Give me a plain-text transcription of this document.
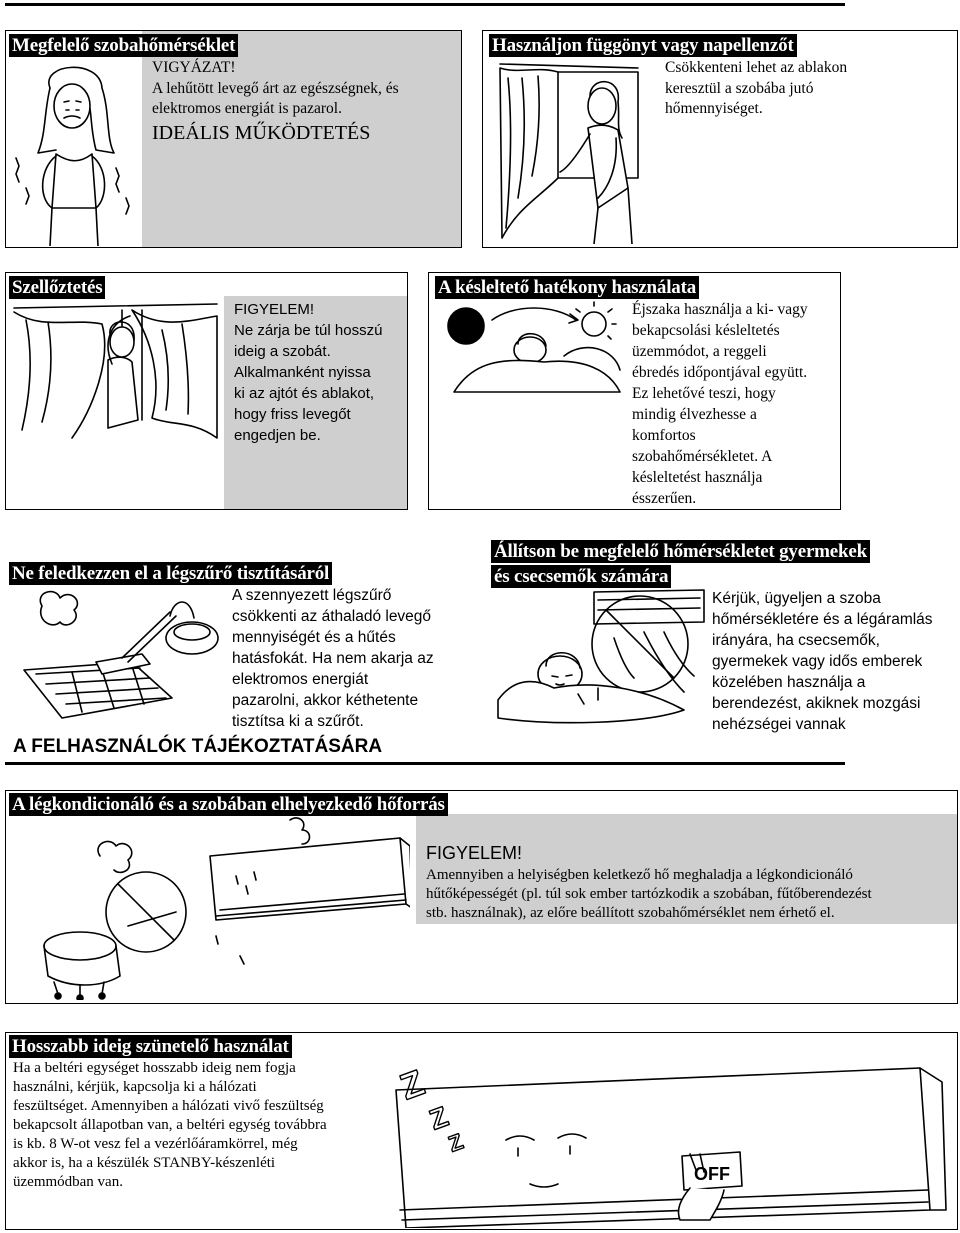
Megfelelő szobahőmérséklet
VIGYÁZAT!
A lehűtött levegő árt az egészségnek, és
elektromos energiát is pazarol.
IDEÁLIS MŰKÖDTETÉS
Használjon függönyt vagy napellenzőt
Csökkenteni lehet az ablakon
keresztül a szobába jutó
hőmennyiséget.
Szellőztetés
FIGYELEM!
Ne zárja be túl hosszú
ideig a szobát.
Alkalmanként nyissa
ki az ajtót és ablakot,
hogy friss levegőt
engedjen be.
A késleltető hatékony használata
Éjszaka használja a ki- vagy
bekapcsolási késleltetés
üzemmódot, a reggeli
ébredés időpontjával együtt.
Ez lehetővé teszi, hogy
mindig élvezhesse a
komfortos
szobahőmérsékletet. A
késleltetést használja
ésszerűen.
Ne feledkezzen el a légszűrő tisztításáról
A szennyezett légszűrő
csökkenti az áthaladó levegő
mennyiségét és a hűtés
hatásfokát. Ha nem akarja az
elektromos energiát
pazarolni, akkor kéthetente
tisztítsa ki a szűrőt.
Állítson be megfelelő hőmérsékletet gyermekek
és csecsemők számára
Kérjük, ügyeljen a szoba
hőmérsékletére és a légáramlás
irányára, ha csecsemők,
gyermekek vagy idős emberek
közelében használja a
berendezést, akiknek mozgási
nehézségei vannak
A FELHASZNÁLÓK TÁJÉKOZTATÁSÁRA
A légkondicionáló és a szobában elhelyezkedő hőforrás
FIGYELEM!
Amennyiben a helyiségben keletkező hő meghaladja a légkondicionáló
hűtőképességét (pl. túl sok ember tartózkodik a szobában, fűtőberendezést
stb. használnak), az előre beállított szobahőmérséklet nem érhető el.
Hosszabb ideig szünetelő használat
Ha a beltéri egységet hosszabb ideig nem fogja
használni, kérjük, kapcsolja ki a hálózati
feszültséget. Amennyiben a hálózati vivő feszültség
bekapcsolt állapotban van, a beltéri egység továbbra
is kb. 8 W-ot vesz fel a vezérlőáramkörrel, még
akkor is, ha a készülék STANBY-készenléti
üzemmódban van.	OFF
Z
Z
Z
